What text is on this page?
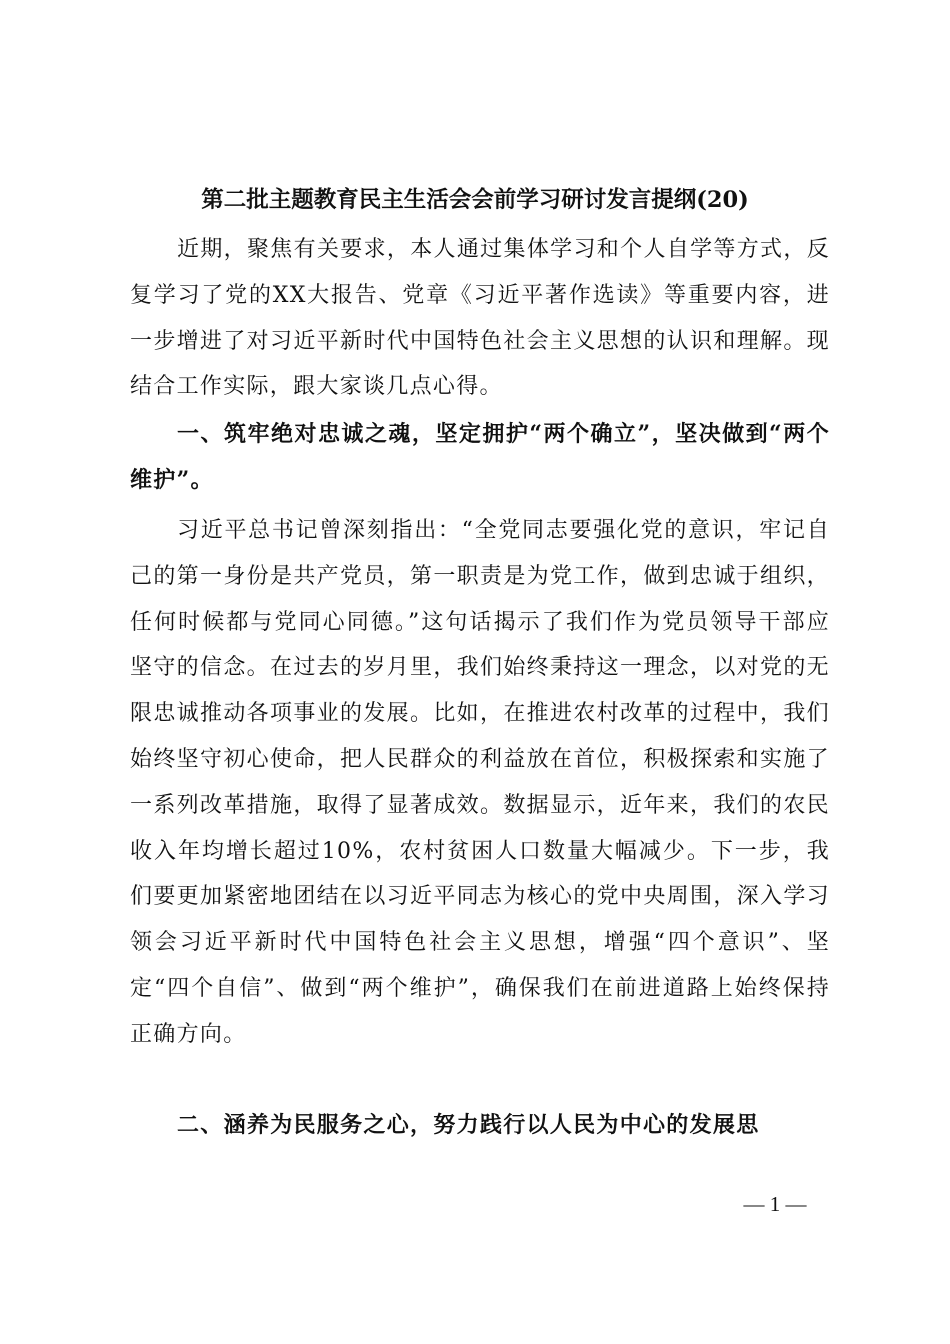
第二批主题教育民主生活会会前学习研讨发言提纲(20)

近期，聚焦有关要求，本人通过集体学习和个人自学等方式，反复学习了党的XX大报告、党章《习近平著作选读》等重要内容，进一步增进了对习近平新时代中国特色社会主义思想的认识和理解。现结合工作实际，跟大家谈几点心得。

一、筑牢绝对忠诚之魂，坚定拥护“两个确立”，坚决做到“两个维护”。

习近平总书记曾深刻指出：“全党同志要强化党的意识，牢记自己的第一身份是共产党员，第一职责是为党工作，做到忠诚于组织，任何时候都与党同心同德。”这句话揭示了我们作为党员领导干部应坚守的信念。在过去的岁月里，我们始终秉持这一理念，以对党的无限忠诚推动各项事业的发展。比如，在推进农村改革的过程中，我们始终坚守初心使命，把人民群众的利益放在首位，积极探索和实施了一系列改革措施，取得了显著成效。数据显示，近年来，我们的农民收入年均增长超过10%，农村贫困人口数量大幅减少。下一步，我们要更加紧密地团结在以习近平同志为核心的党中央周围，深入学习领会习近平新时代中国特色社会主义思想，增强“四个意识”、坚定“四个自信”、做到“两个维护”，确保我们在前进道路上始终保持正确方向。

二、涵养为民服务之心，努力践行以人民为中心的发展思

— 1 —
